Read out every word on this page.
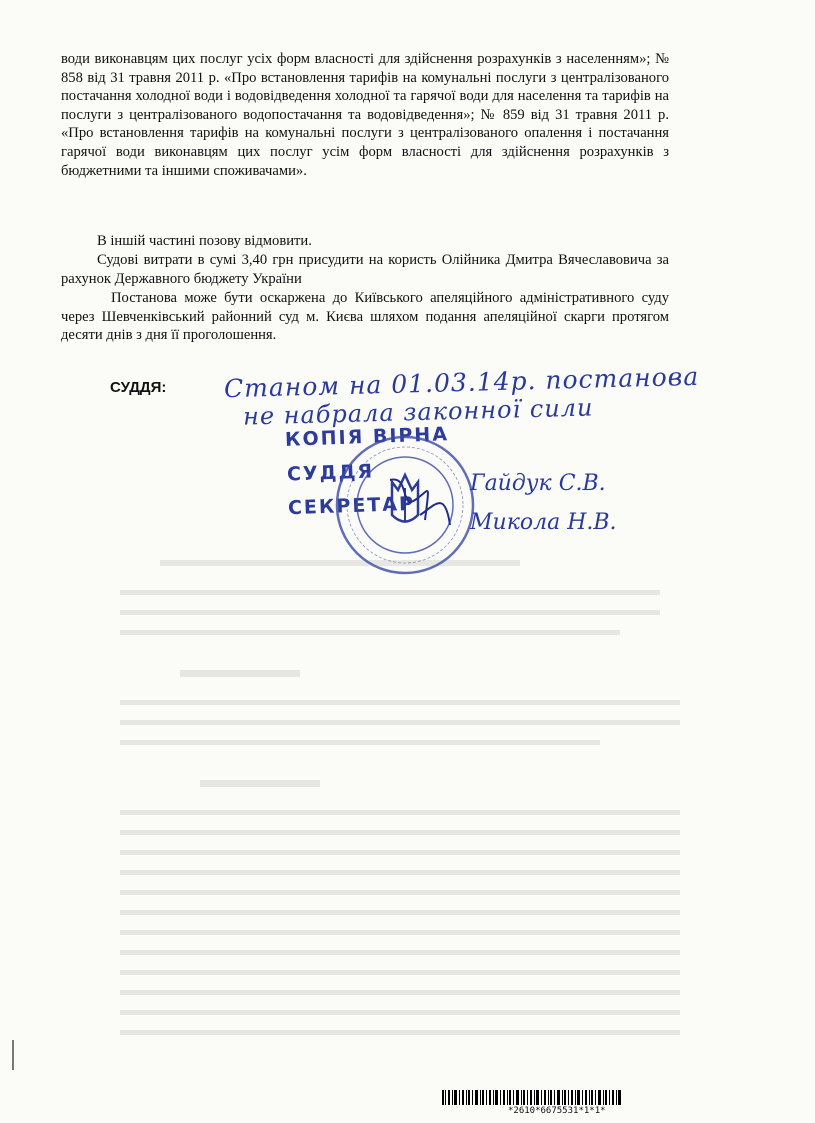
води виконавцям цих послуг усіх форм власності для здійснення розрахунків з населенням»; № 858 від 31 травня 2011 р. «Про встановлення тарифів на комунальні послуги з централізованого постачання холодної води і водовідведення холодної та гарячої води для населення та тарифів на послуги з централізованого водопостачання та водовідведення»; № 859 від 31 травня 2011 р. «Про встановлення тарифів на комунальні послуги з централізованого опалення і постачання гарячої води виконавцям цих послуг усім форм власності для здійснення розрахунків з бюджетними та іншими споживачами».

В іншій частині позову відмовити.

Судові витрати в сумі 3,40 грн присудити на користь Олійника Дмитра Вячеславовича за рахунок Державного бюджету України

Постанова може бути оскаржена до Київського апеляційного адміністративного суду через Шевченківський районний суд м. Києва шляхом подання апеляційної скарги протягом десяти днів з дня її проголошення.

СУДДЯ: Станом на 01.03.14р. постанова
не набрала законної сили
КОПІЯ ВІРНА
СУДДЯ
СЕКРЕТАР
Гайдук С.В.
Микола Н.В.
*2610*6675531*1*1*
